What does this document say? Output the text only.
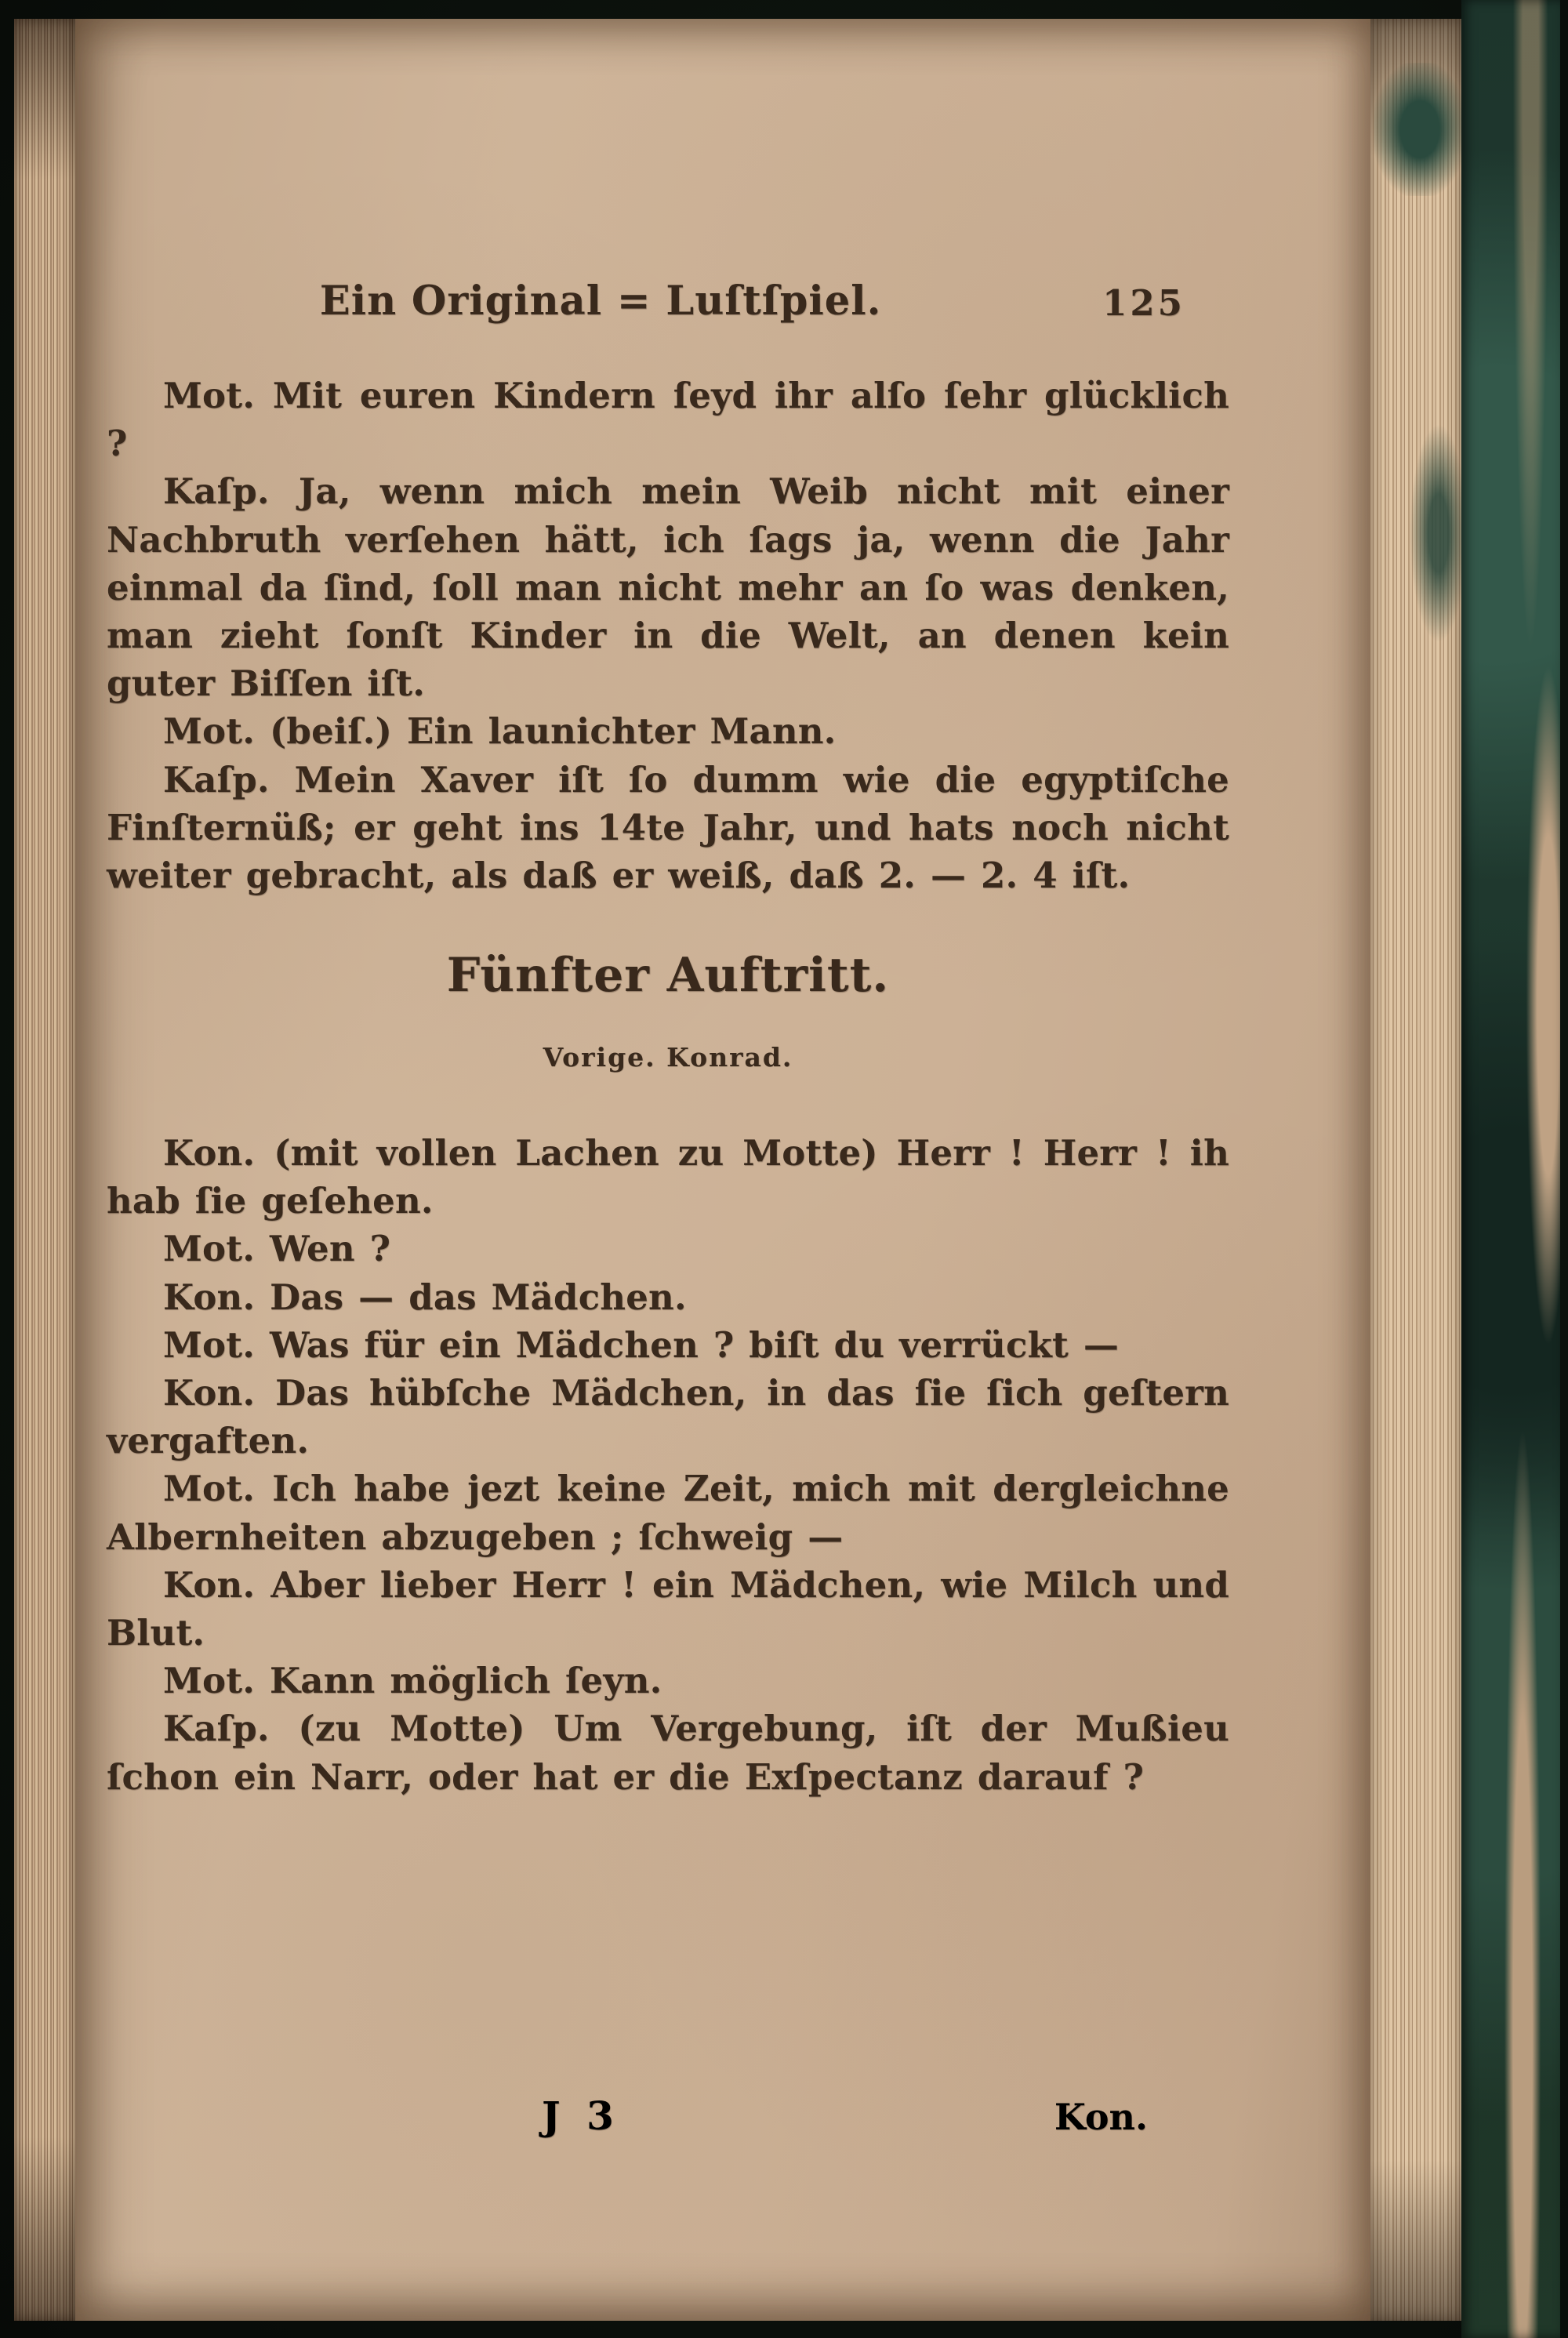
Ein Original = Luſtſpiel.	125

Mot. Mit euren Kindern ſeyd ihr alſo ſehr glücklich ?

Kaſp. Ja, wenn mich mein Weib nicht mit einer Nachbruth verſehen hätt, ich ſags ja, wenn die Jahr einmal da ſind, ſoll man nicht mehr an ſo was denken, man zieht ſonſt Kinder in die Welt, an denen kein guter Biſſen iſt.

Mot. (beiſ.) Ein launichter Mann.

Kaſp. Mein Xaver iſt ſo dumm wie die egyptiſche Finſternüß; er geht ins 14te Jahr, und hats noch nicht weiter gebracht, als daß er weiß, daß 2. — 2. 4 iſt.

Fünfter Auftritt.
Vorige. Konrad.

Kon. (mit vollen Lachen zu Motte) Herr ! Herr ! ih hab ſie geſehen.

Mot. Wen ?

Kon. Das — das Mädchen.

Mot. Was für ein Mädchen ? biſt du verrückt —

Kon. Das hübſche Mädchen, in das ſie ſich geſtern vergaften.

Mot. Ich habe jezt keine Zeit, mich mit dergleichne Albernheiten abzugeben ; ſchweig —

Kon. Aber lieber Herr ! ein Mädchen, wie Milch und Blut.

Mot. Kann möglich ſeyn.

Kaſp. (zu Motte) Um Vergebung, iſt der Mußieu ſchon ein Narr, oder hat er die Exſpectanz darauf ?

J 3	Kon.
